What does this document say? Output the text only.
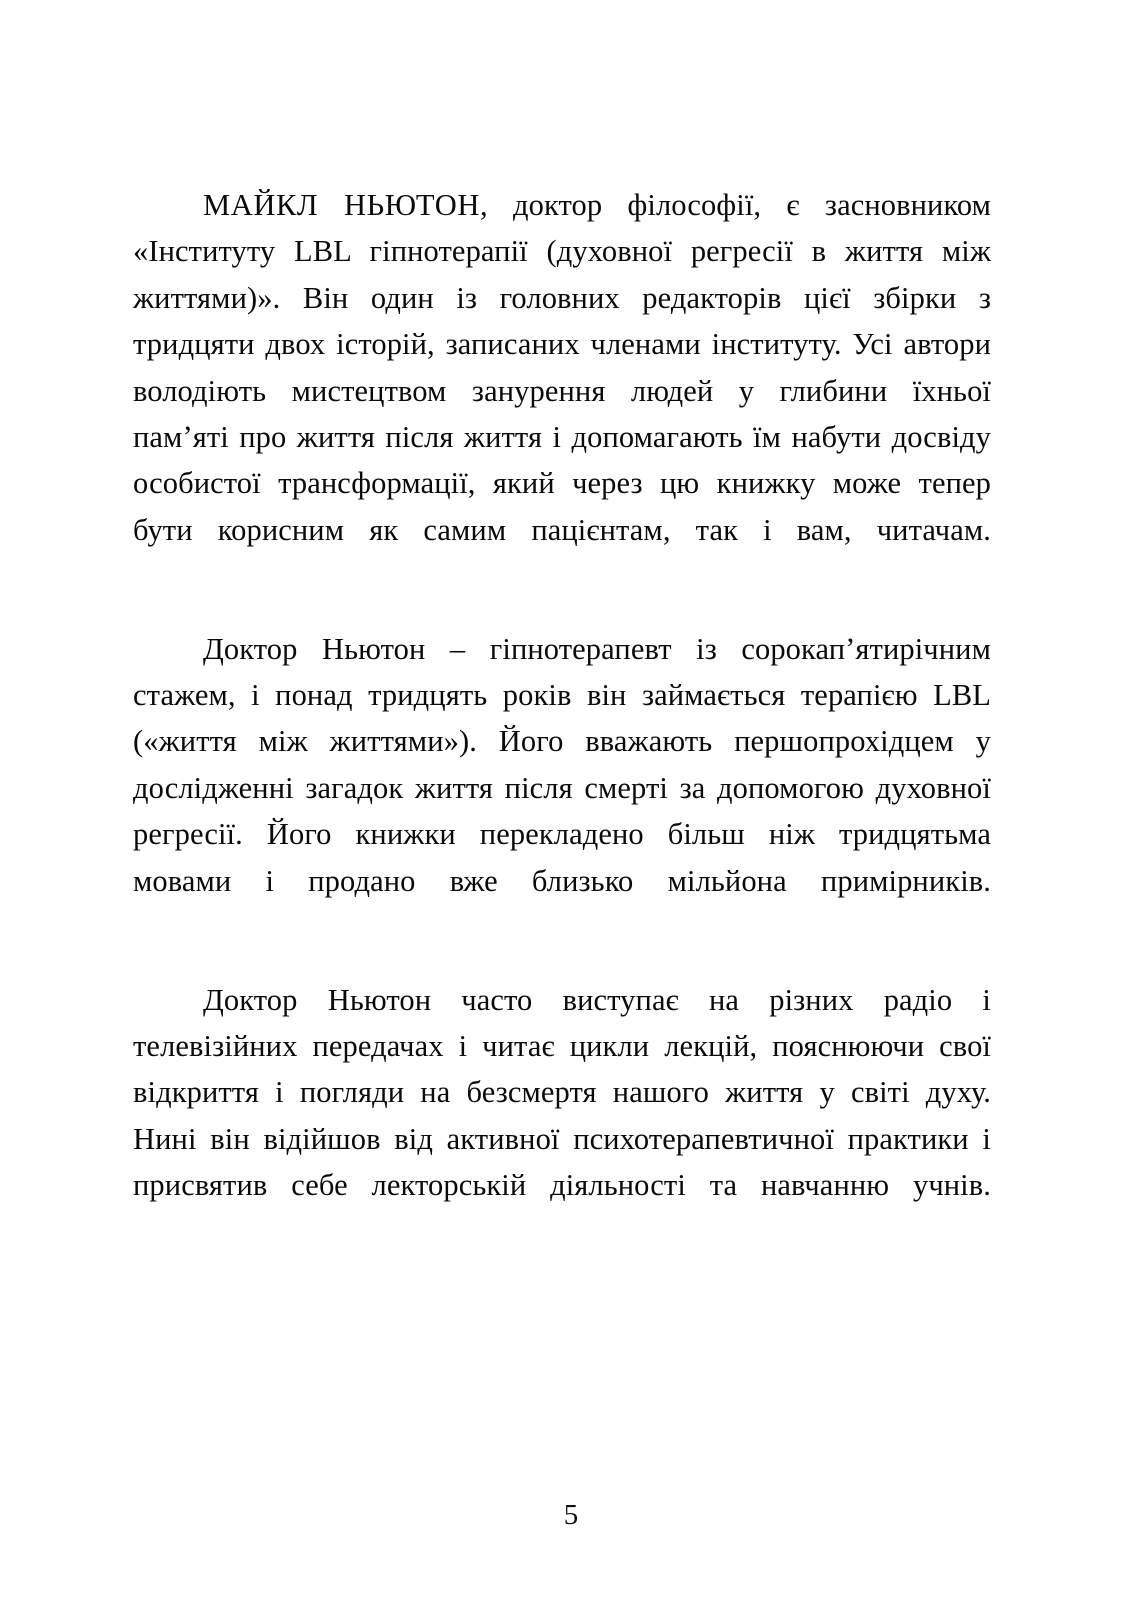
МАЙКЛ НЬЮТОН, доктор філософії, є засновником «Інституту LBL гіпнотерапії (духовної регресії в життя між життями)». Він один із головних редакторів цієї збірки з тридцяти двох історій, записаних членами інституту. Усі автори володіють мистецтвом занурення людей у глибини їхньої памʼяті про життя після життя і допомагають їм набути досвіду особистої трансформації, який через цю книжку може тепер бути корисним як самим пацієнтам, так і вам, читачам.

Доктор Ньютон – гіпнотерапевт із сорокапʼятирічним стажем, і понад тридцять років він займається терапією LBL («життя між життями»). Його вважають першопрохідцем у дослідженні загадок життя після смерті за допомогою духовної регресії. Його книжки перекладено більш ніж тридцятьма мовами і продано вже близько мільйона примірників.

Доктор Ньютон часто виступає на різних радіо і телевізійних передачах і читає цикли лекцій, пояснюючи свої відкриття і погляди на безсмертя нашого життя у світі духу. Нині він відійшов від активної психотерапевтичної практики і присвятив себе лекторській діяльності та навчанню учнів.

5
